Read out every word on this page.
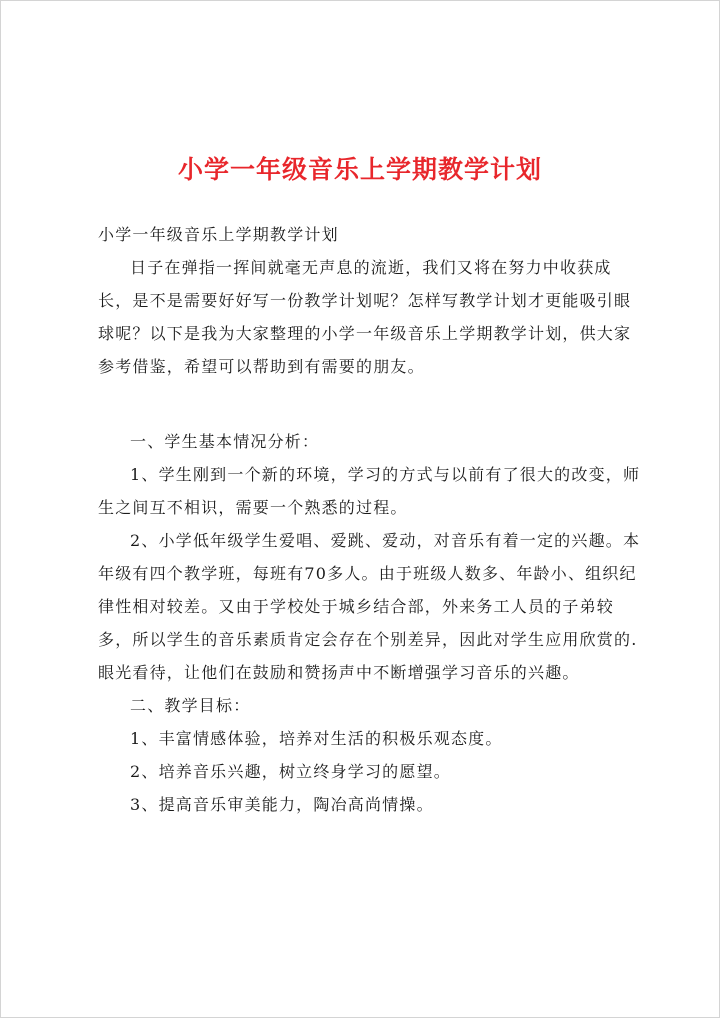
小学一年级音乐上学期教学计划

小学一年级音乐上学期教学计划

日子在弹指一挥间就毫无声息的流逝，我们又将在努力中收获成长，是不是需要好好写一份教学计划呢？怎样写教学计划才更能吸引眼球呢？以下是我为大家整理的小学一年级音乐上学期教学计划，供大家参考借鉴，希望可以帮助到有需要的朋友。

一、学生基本情况分析：

1、学生刚到一个新的环境，学习的方式与以前有了很大的改变，师生之间互不相识，需要一个熟悉的过程。

2、小学低年级学生爱唱、爱跳、爱动，对音乐有着一定的兴趣。本年级有四个教学班，每班有70多人。由于班级人数多、年龄小、组织纪律性相对较差。又由于学校处于城乡结合部，外来务工人员的子弟较多，所以学生的音乐素质肯定会存在个别差异，因此对学生应用欣赏的.眼光看待，让他们在鼓励和赞扬声中不断增强学习音乐的兴趣。

二、教学目标：

1、丰富情感体验，培养对生活的积极乐观态度。

2、培养音乐兴趣，树立终身学习的愿望。

3、提高音乐审美能力，陶冶高尚情操。
